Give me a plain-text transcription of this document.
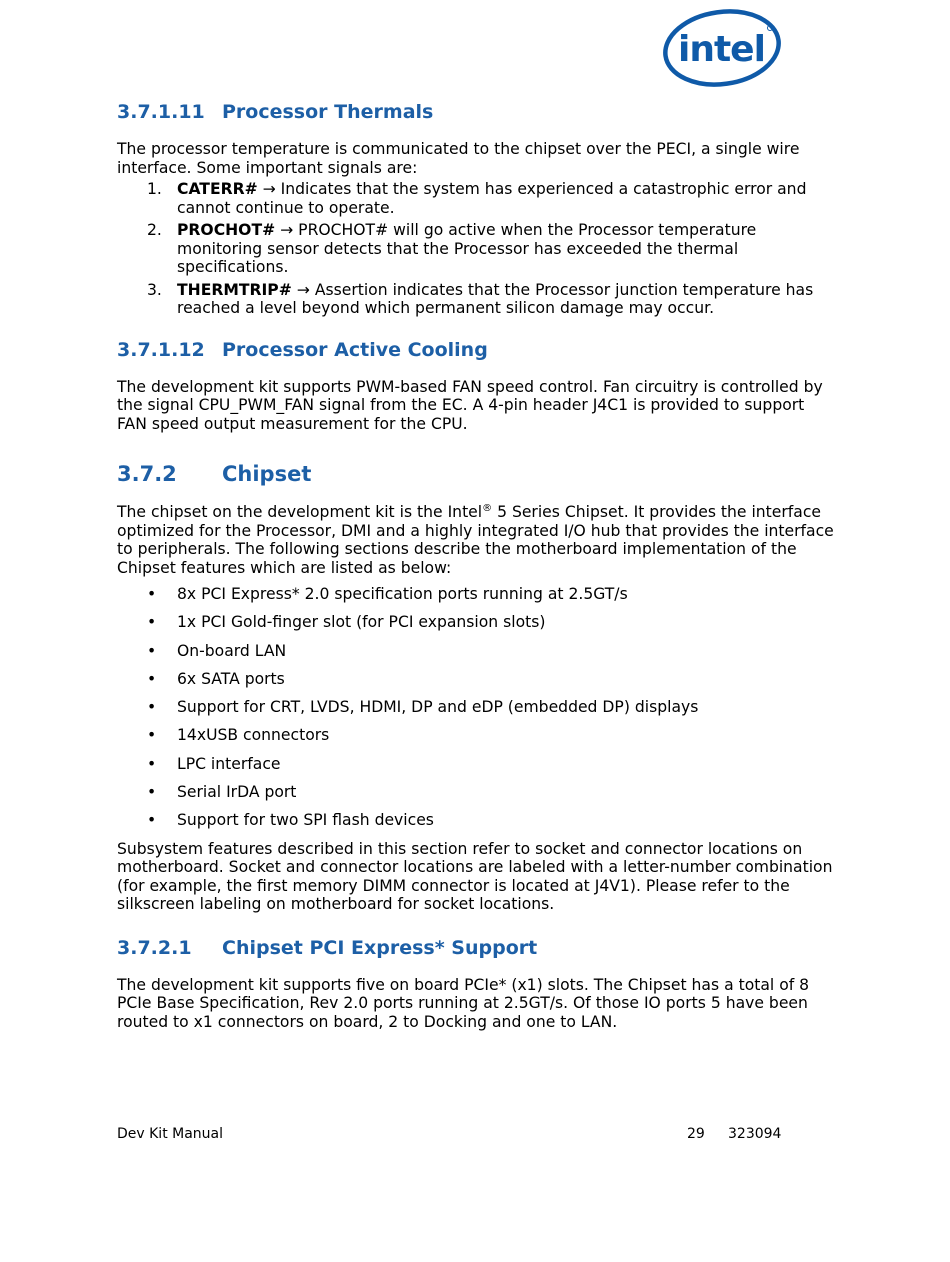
intel
3.7.1.11 Processor Thermals

The processor temperature is communicated to the chipset over the PECI, a single wire interface. Some important signals are:

1. CATERR# → Indicates that the system has experienced a catastrophic error and cannot continue to operate.
2. PROCHOT# → PROCHOT# will go active when the Processor temperature monitoring sensor detects that the Processor has exceeded the thermal specifications.
3. THERMTRIP# → Assertion indicates that the Processor junction temperature has reached a level beyond which permanent silicon damage may occur.
3.7.1.12 Processor Active Cooling

The development kit supports PWM-based FAN speed control. Fan circuitry is controlled by the signal CPU_PWM_FAN signal from the EC. A 4-pin header J4C1 is provided to support FAN speed output measurement for the CPU.

3.7.2	Chipset

The chipset on the development kit is the Intel® 5 Series Chipset. It provides the interface optimized for the Processor, DMI and a highly integrated I/O hub that provides the interface to peripherals. The following sections describe the motherboard implementation of the Chipset features which are listed as below:

•	8x PCI Express* 2.0 specification ports running at 2.5GT/s
•	1x PCI Gold-finger slot (for PCI expansion slots)
•	On-board LAN
•	6x SATA ports
•	Support for CRT, LVDS, HDMI, DP and eDP (embedded DP) displays
•	14xUSB connectors
•	LPC interface
•	Serial IrDA port
•	Support for two SPI flash devices

Subsystem features described in this section refer to socket and connector locations on motherboard. Socket and connector locations are labeled with a letter-number combination (for example, the first memory DIMM connector is located at J4V1). Please refer to the silkscreen labeling on motherboard for socket locations.

3.7.2.1	Chipset PCI Express* Support

The development kit supports five on board PCIe* (x1) slots. The Chipset has a total of 8 PCIe Base Specification, Rev 2.0 ports running at 2.5GT/s. Of those IO ports 5 have been routed to x1 connectors on board, 2 to Docking and one to LAN.

Dev Kit Manual	29 323094
